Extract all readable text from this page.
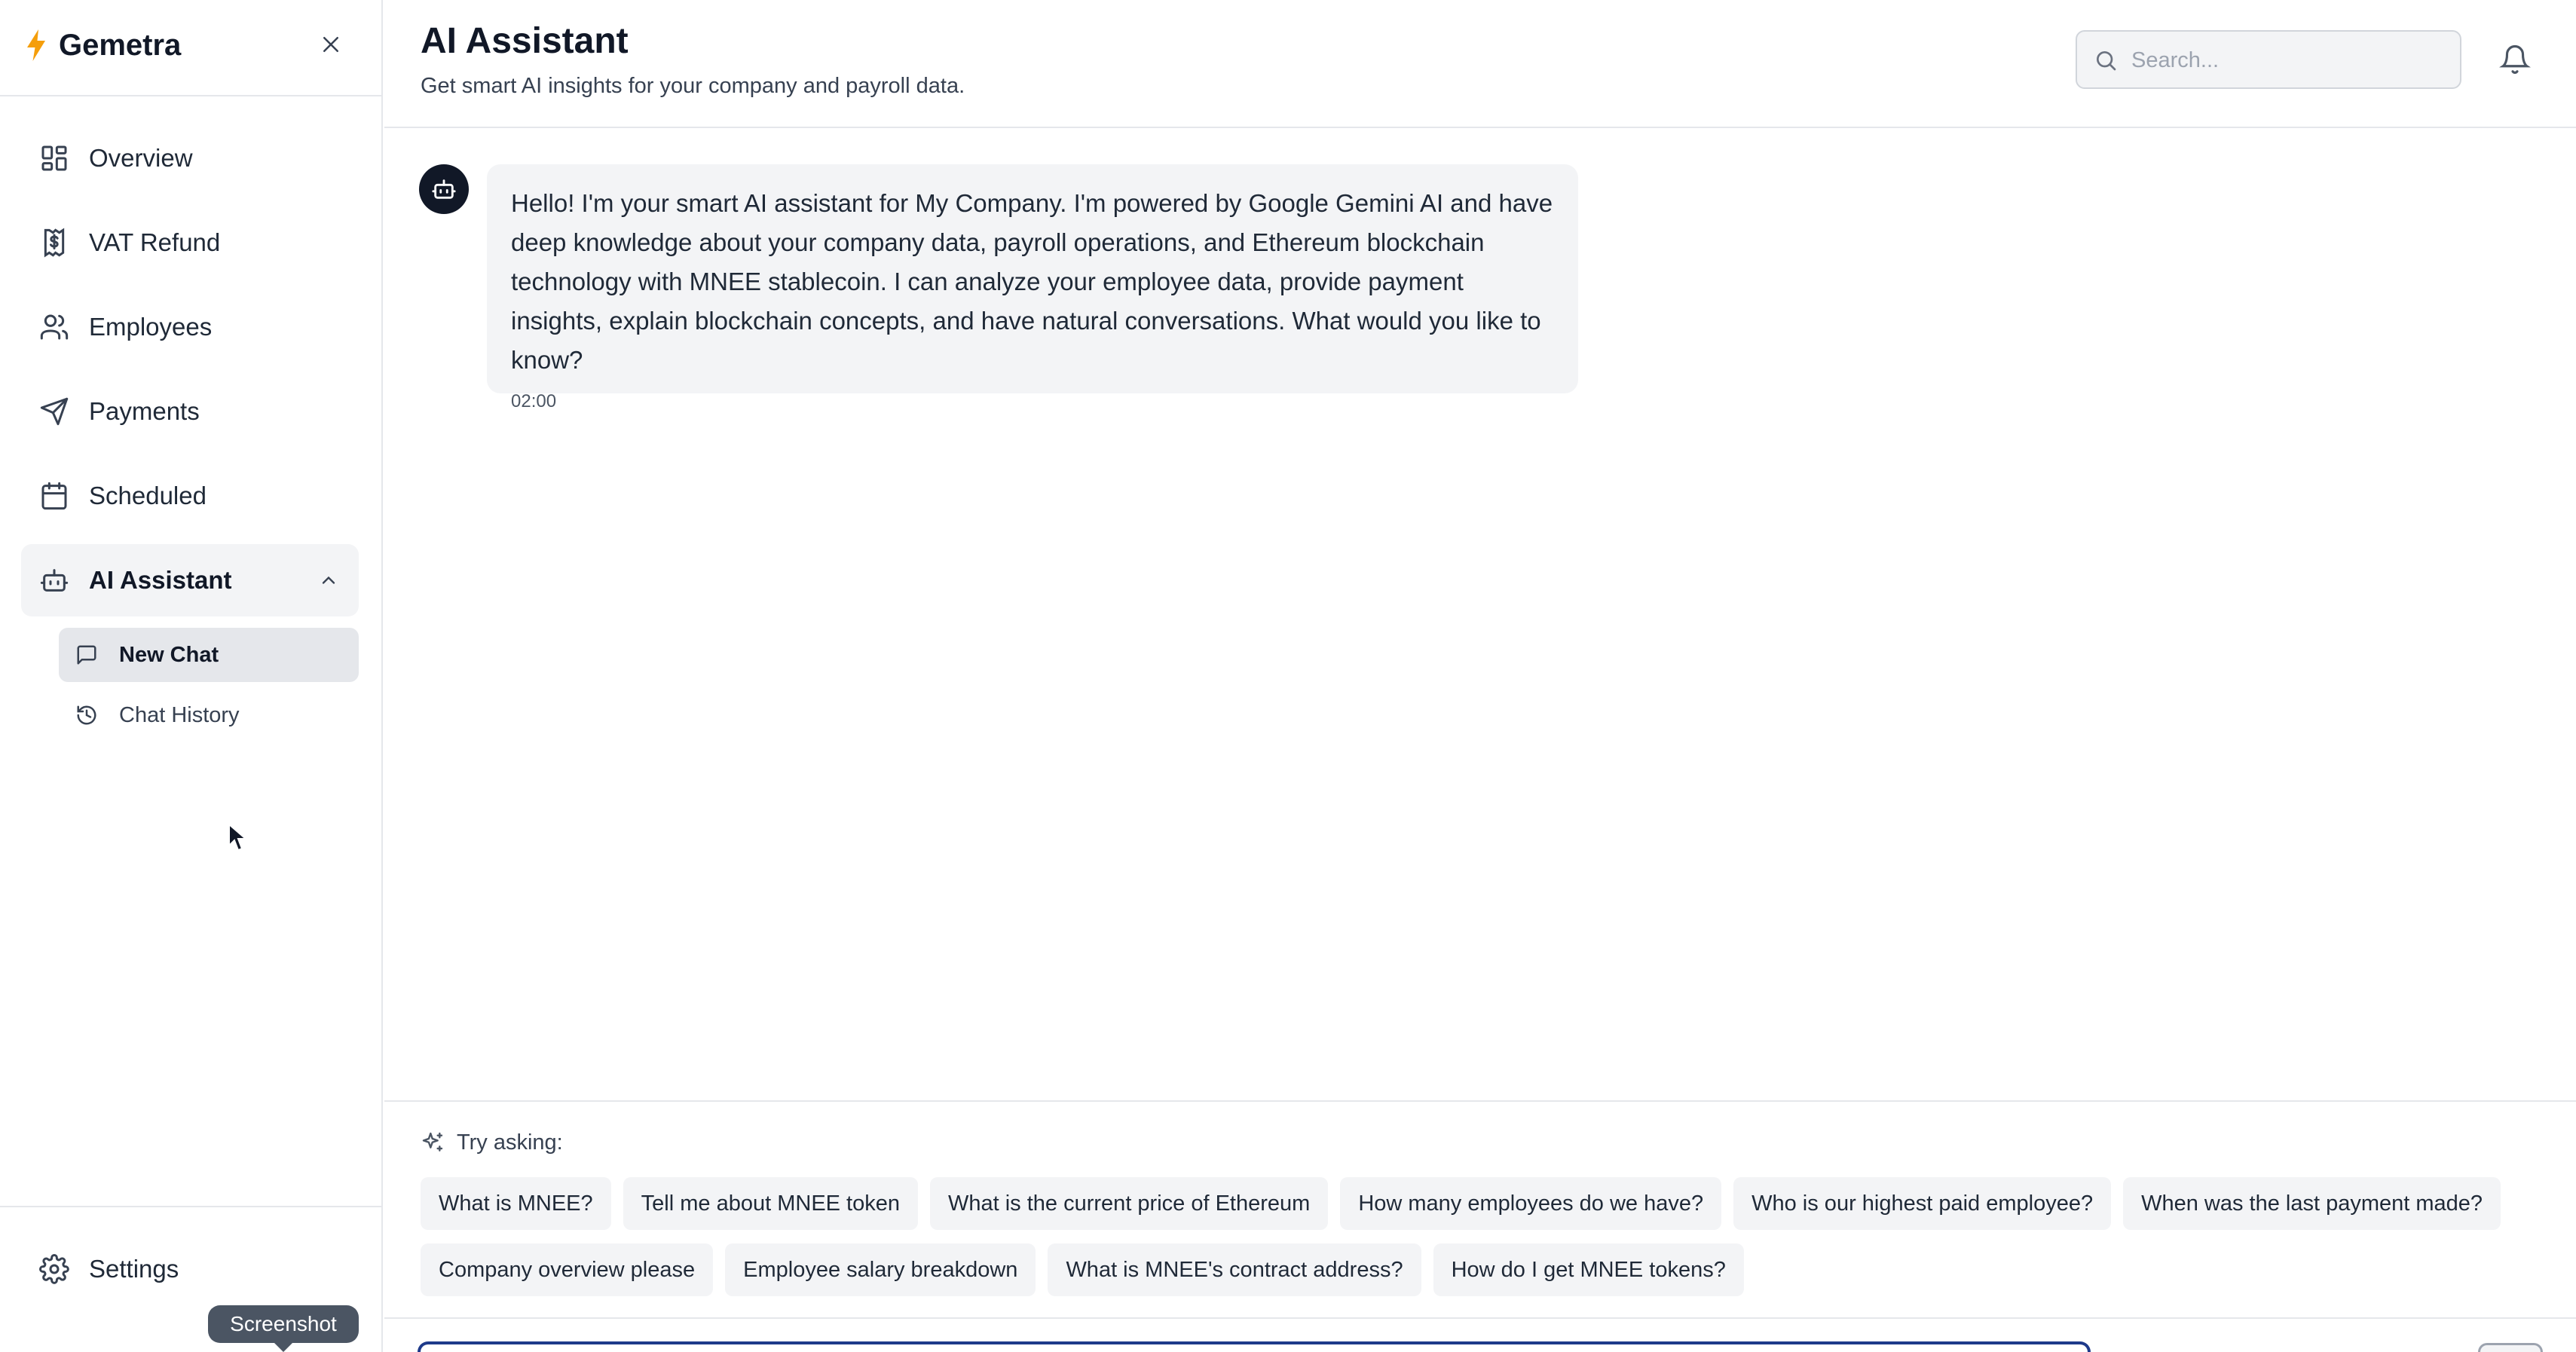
Gemetra
Overview
VAT Refund
Employees
Payments
Scheduled
AI Assistant
New Chat
Chat History
Settings
Screenshot
AI Assistant

Get smart AI insights for your company and payroll data.

Search...
Hello! I'm your smart AI assistant for My Company. I'm powered by Google Gemini AI and have deep knowledge about your company data, payroll operations, and Ethereum blockchain technology with MNEE stablecoin. I can analyze your employee data, provide payment insights, explain blockchain concepts, and have natural conversations. What would you like to know?
02:00
Try asking:
What is MNEE?	Tell me about MNEE token	What is the current price of Ethereum	How many employees do we have?	Who is our highest paid employee?	When was the last payment made?
Company overview please	Employee salary breakdown	What is MNEE's contract address?	How do I get MNEE tokens?
